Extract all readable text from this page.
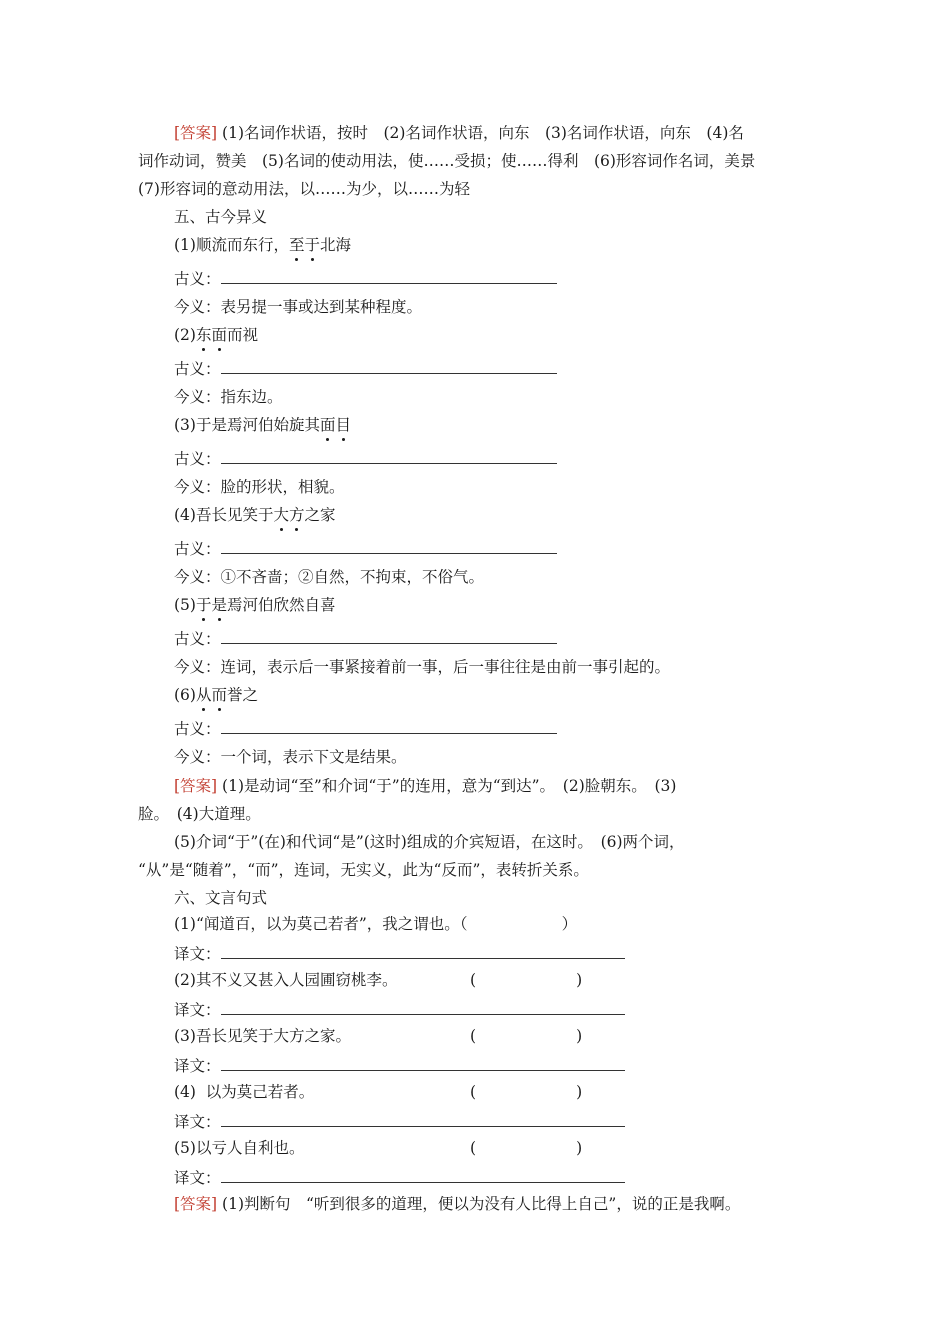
[答案] (1)名词作状语，按时　(2)名词作状语，向东　(3)名词作状语，向东　(4)名
词作动词，赞美　(5)名词的使动用法，使……受损；使……得利　(6)形容词作名词，美景
(7)形容词的意动用法，以……为少，以……为轻
五、古今异义
(1)顺流而东行，至于北海
古义：
今义：表另提一事或达到某种程度。
(2)东面而视
古义：
今义：指东边。
(3)于是焉河伯始旋其面目
古义：
今义：脸的形状，相貌。
(4)吾长见笑于大方之家
古义：
今义：①不吝啬；②自然，不拘束，不俗气。
(5)于是焉河伯欣然自喜
古义：
今义：连词，表示后一事紧接着前一事，后一事往往是由前一事引起的。
(6)从而誉之
古义：
今义：一个词，表示下文是结果。
[答案] (1)是动词“至”和介词“于”的连用，意为“到达”。　(2)脸朝东。　(3)
脸。　(4)大道理。
(5)介词“于”(在)和代词“是”(这时)组成的介宾短语，在这时。　(6)两个词，
“从”是“随着”，“而”，连词，无实义，此为“反而”，表转折关系。
六、文言句式
(1)“闻道百，以为莫己若者”，我之谓也。（	）
译文：
(2)其不义又甚入人园圃窃桃李。	(	)
译文：
(3)吾长见笑于大方之家。	(	)
译文：
(4)  以为莫己若者。	(	)
译文：
(5)以亏人自利也。	(	)
译文：
[答案] (1)判断句　“听到很多的道理，便以为没有人比得上自己”，说的正是我啊。
